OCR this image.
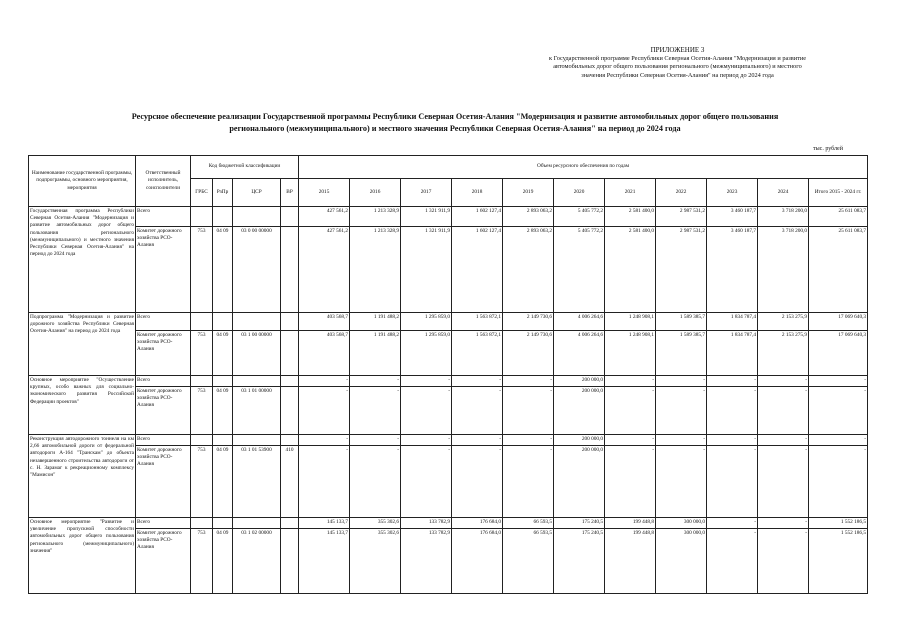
ПРИЛОЖЕНИЕ 3
к Государственной программе Республики Северная Осетия-Алания "Модернизация и развитие
автомобильных дорог общего пользования регионального (межмуниципального) и местного
значения Республики Северная Осетия-Алания" на период до 2024 года
Ресурсное обеспечение реализации Государственной программы Республики Северная Осетия-Алания "Модернизация и развитие автомобильных дорог общего пользования
регионального (межмуниципального) и местного значения Республики Северная Осетия-Алания" на период до 2024 года
тыс. рублей
Наименование государственной программы, подпрограммы, основного мероприятия, мероприятия	Ответственный исполнитель, соисполнители	Код бюджетной классификации				Объем ресурсного обеспечения по годам										
		ГРБС	РзПр	ЦСР	ВР	2015	2016	2017	2018	2019	2020	2021	2022	2023	2024	Итого 2015 - 2024 гг.
Государственная программа Республики Северная Осетия-Алания "Модернизация и развитие автомобильных дорог общего пользования регионального (межмуниципального) и местного значения Республики Северная Осетия-Алания" на период до 2024 года	Всего					427 561,2	1 213 328,9	1 321 911,9	1 602 127,4	2 893 063,2	5 405 772,2	2 581 400,0	2 987 531,2	3 460 187,7	3 718 200,0	25 611 083,7
	Комитет дорожного хозяйства РСО-Алания	753	04 09	03 0 00 00000		427 561,2	1 213 328,9	1 321 911,9	1 602 127,4	2 893 063,2	5 405 772,2	2 581 400,0	2 987 531,2	3 460 187,7	3 718 200,0	25 611 083,7
Подпрограмма "Модернизация и развитие дорожного хозяйства Республики Северная Осетия-Алания" на период до 2024 года	Всего					403 568,7	1 191 488,2	1 295 859,0	1 563 872,1	2 149 730,6	4 006 264,6	1 248 908,1	1 589 385,7	1 834 787,4	2 153 275,9	17 069 640,3
	Комитет дорожного хозяйства РСО-Алания	753	04 09	03 1 00 00000		403 568,7	1 191 488,2	1 295 859,0	1 563 872,1	2 149 730,6	4 006 264,6	1 248 908,1	1 589 385,7	1 834 787,4	2 153 275,9	17 069 640,3
Основное мероприятие "Осуществление крупных, особо важных для социально-экономического развития Российской Федерации проектов"	Всего					-	-	-	-	-	200 000,0	-	-	-	-	-
	Комитет дорожного хозяйства РСО-Алания	753	04 09	03 1 01 00000		-	-	-	-	-	200 000,0	-	-	-	-	-
Реконструкция автодорожного тоннеля на км 2,66 автомобильной дороги от федеральной автодороги А-164 "Транскам" до объекта незавершенного строительства автодороги от с. Н. Зарамаг к рекреационному комплексу "Мамисон"	Всего					-	-	-	-	-	200 000,0	-	-	-	-	-
	Комитет дорожного хозяйства РСО-Алания	753	04 09	03 1 01 53900	410	-	-	-	-	-	200 000,0	-	-	-	-	-
Основное мероприятие "Развитие и увеличение пропускной способности автомобильных дорог общего пользования регионального (межмуниципального) значения"	Всего					145 133,7	355 302,6	133 782,9	176 684,0	66 593,5	175 240,5	199 448,8	300 000,0	-	-	1 552 186,5
	Комитет дорожного хозяйства РСО-Алания	753	04 09	03 1 02 00000		145 133,7	355 302,6	133 782,9	176 684,0	66 593,5	175 240,5	199 448,8	300 000,0	-	-	1 552 186,5
